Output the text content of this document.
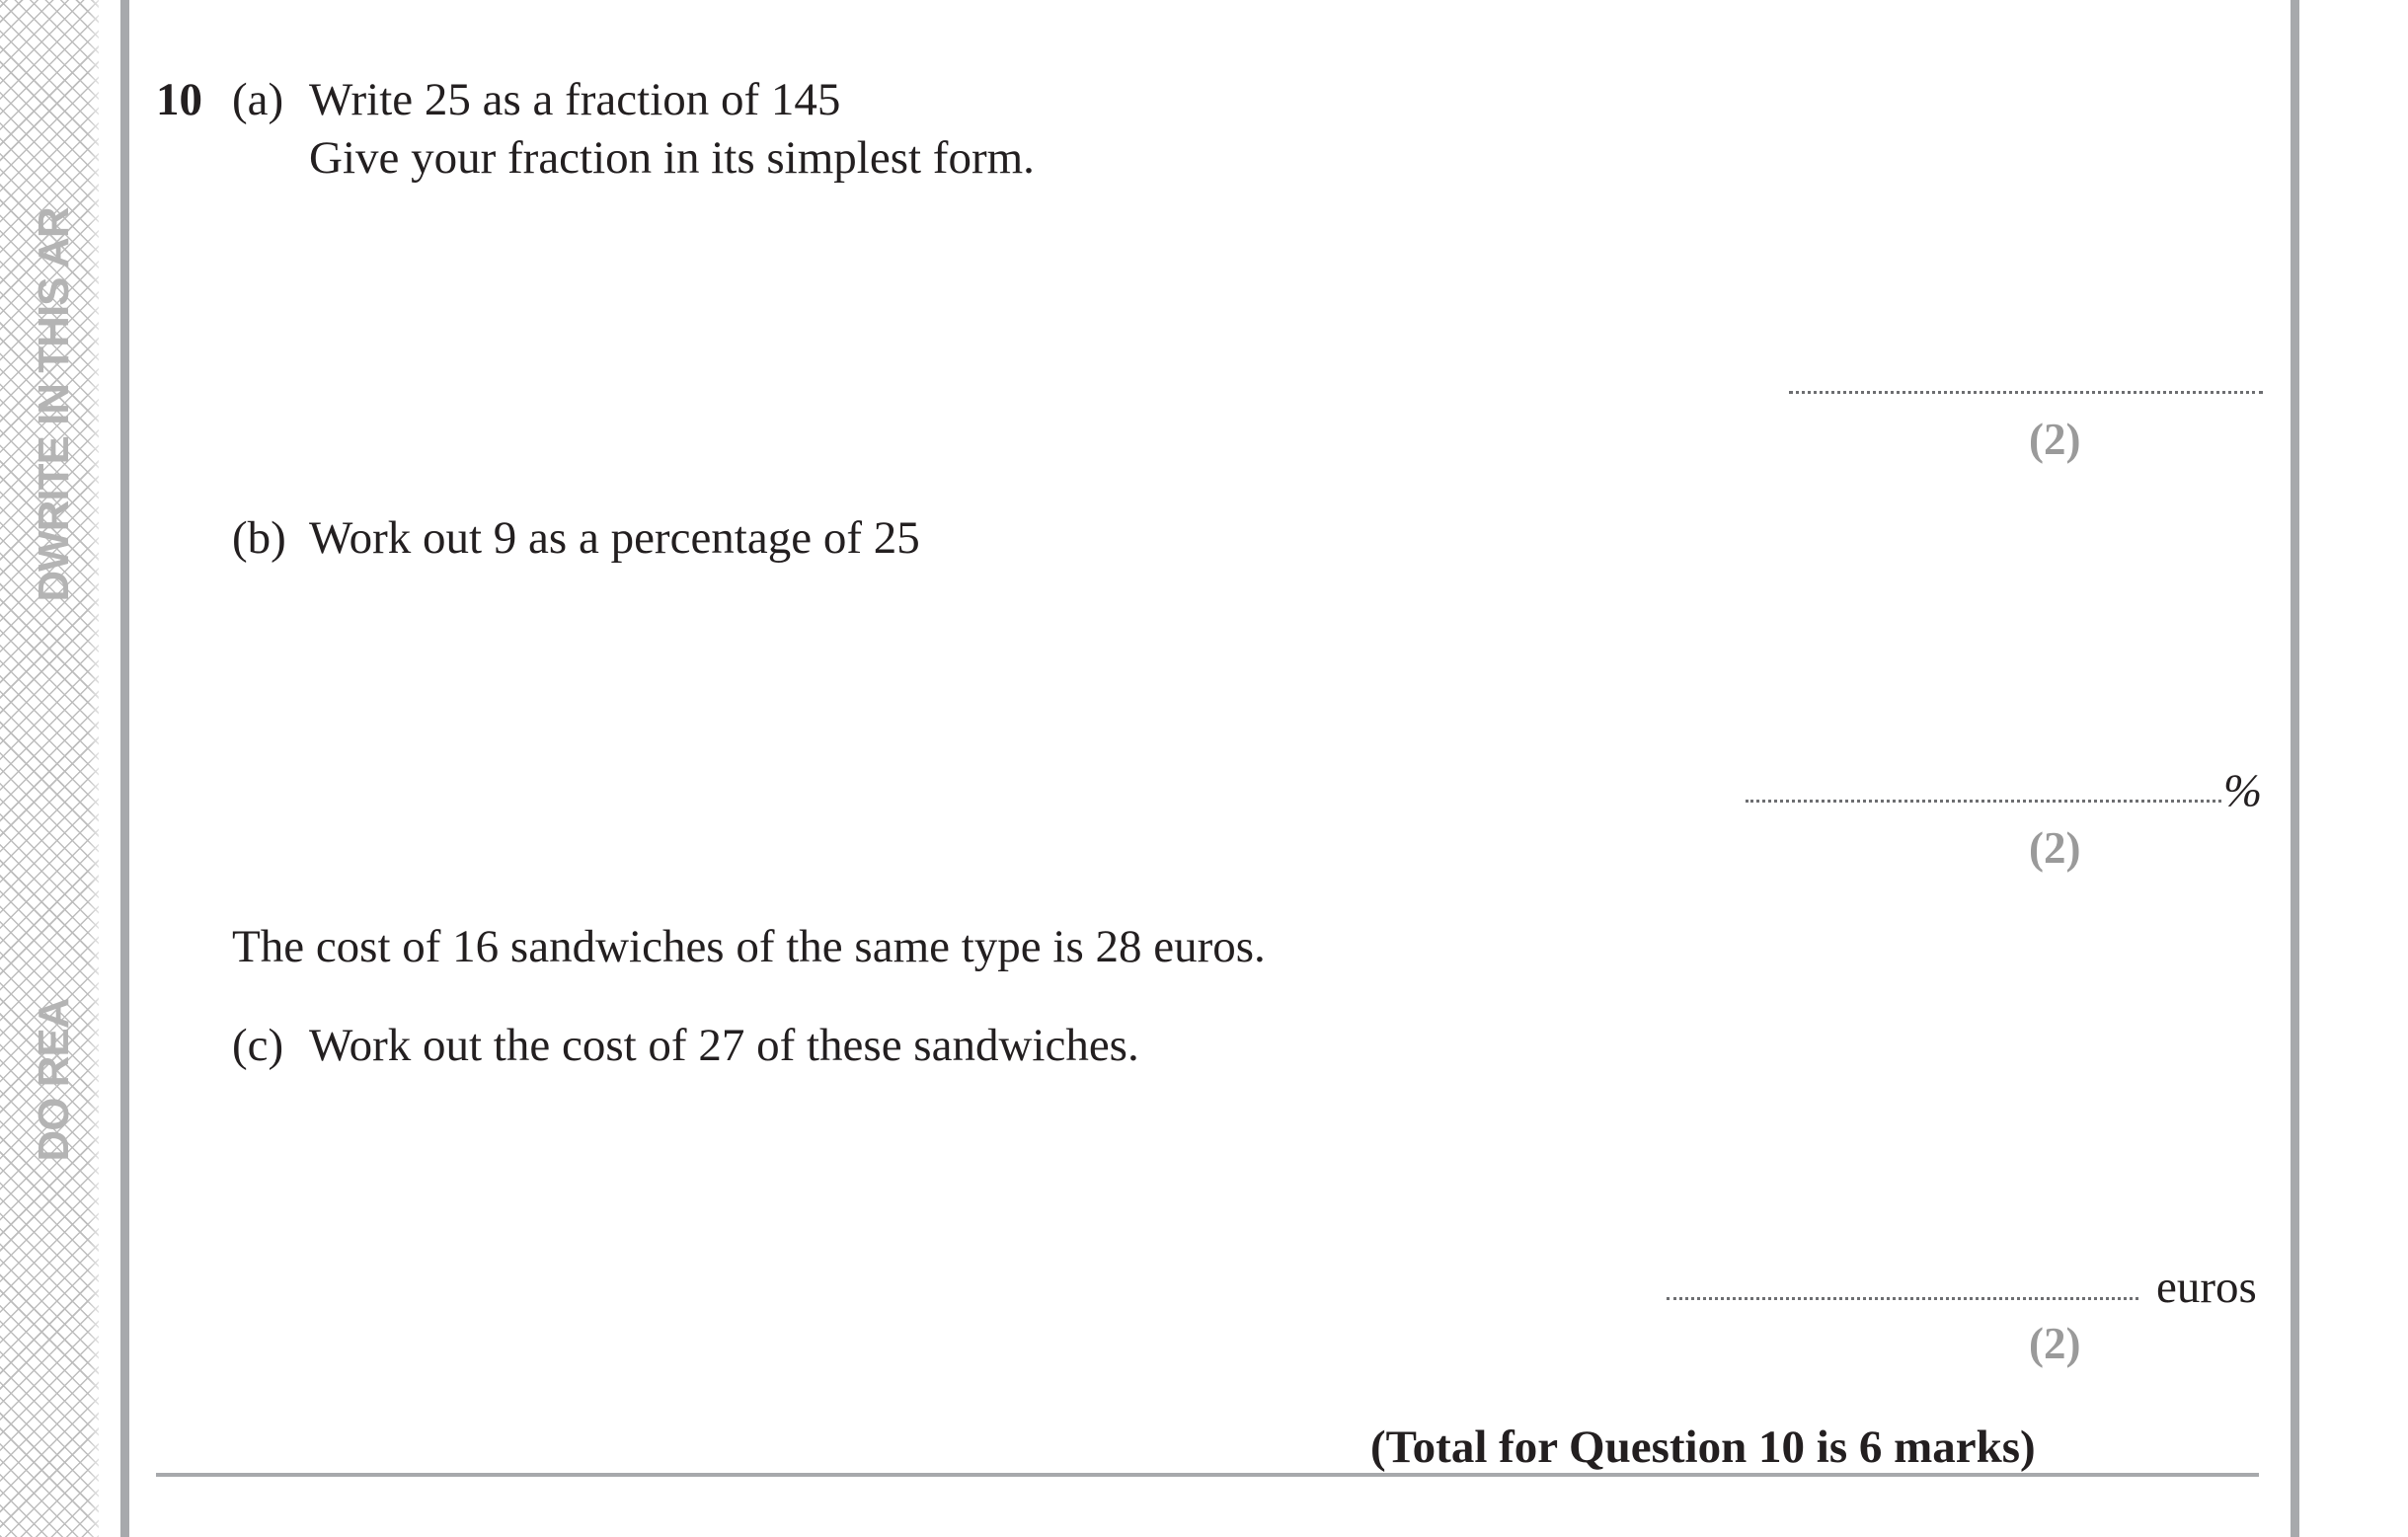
DWRITE IN THIS AR
DO REA
10 (a) Write 25 as a fraction of 145
Give your fraction in its simplest form.
(2)
(b) Work out 9 as a percentage of 25
%
(2)
The cost of 16 sandwiches of the same type is 28 euros.
(c) Work out the cost of 27 of these sandwiches.
euros
(2)
(Total for Question 10 is 6 marks)
